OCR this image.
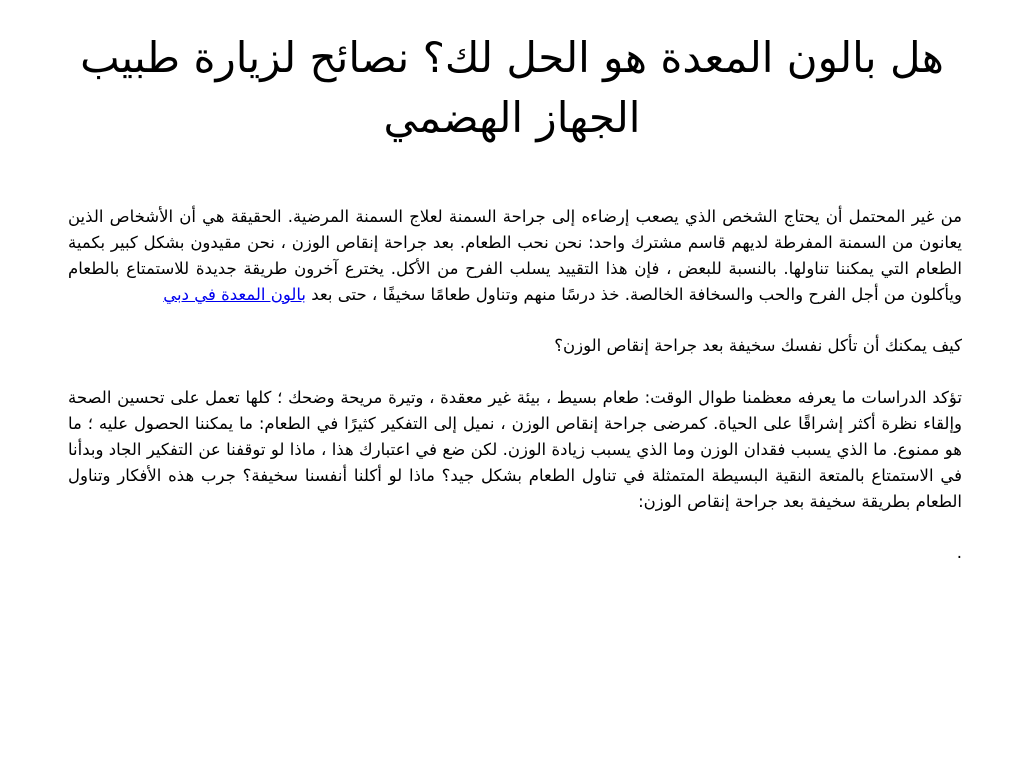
هل بالون المعدة هو الحل لك؟ نصائح لزيارة طبيب الجهاز الهضمي

من غير المحتمل أن يحتاج الشخص الذي يصعب إرضاءه إلى جراحة السمنة لعلاج السمنة المرضية. الحقيقة هي أن الأشخاص الذين يعانون من السمنة المفرطة لديهم قاسم مشترك واحد: نحن نحب الطعام. بعد جراحة إنقاص الوزن ، نحن مقيدون بشكل كبير بكمية الطعام التي يمكننا تناولها. بالنسبة للبعض ، فإن هذا التقييد يسلب الفرح من الأكل. يخترع آخرون طريقة جديدة للاستمتاع بالطعام ويأكلون من أجل الفرح والحب والسخافة الخالصة. خذ درسًا منهم وتناول طعامًا سخيفًا ، حتى بعد بالون المعدة في دبي

كيف يمكنك أن تأكل نفسك سخيفة بعد جراحة إنقاص الوزن؟

تؤكد الدراسات ما يعرفه معظمنا طوال الوقت: طعام بسيط ، بيئة غير معقدة ، وتيرة مريحة وضحك ؛ كلها تعمل على تحسين الصحة وإلقاء نظرة أكثر إشراقًا على الحياة. كمرضى جراحة إنقاص الوزن ، نميل إلى التفكير كثيرًا في الطعام: ما يمكننا الحصول عليه ؛ ما هو ممنوع. ما الذي يسبب فقدان الوزن وما الذي يسبب زيادة الوزن. لكن ضع في اعتبارك هذا ، ماذا لو توقفنا عن التفكير الجاد وبدأنا في الاستمتاع بالمتعة النقية البسيطة المتمثلة في تناول الطعام بشكل جيد؟ ماذا لو أكلنا أنفسنا سخيفة؟ جرب هذه الأفكار وتناول الطعام بطريقة سخيفة بعد جراحة إنقاص الوزن:

.
